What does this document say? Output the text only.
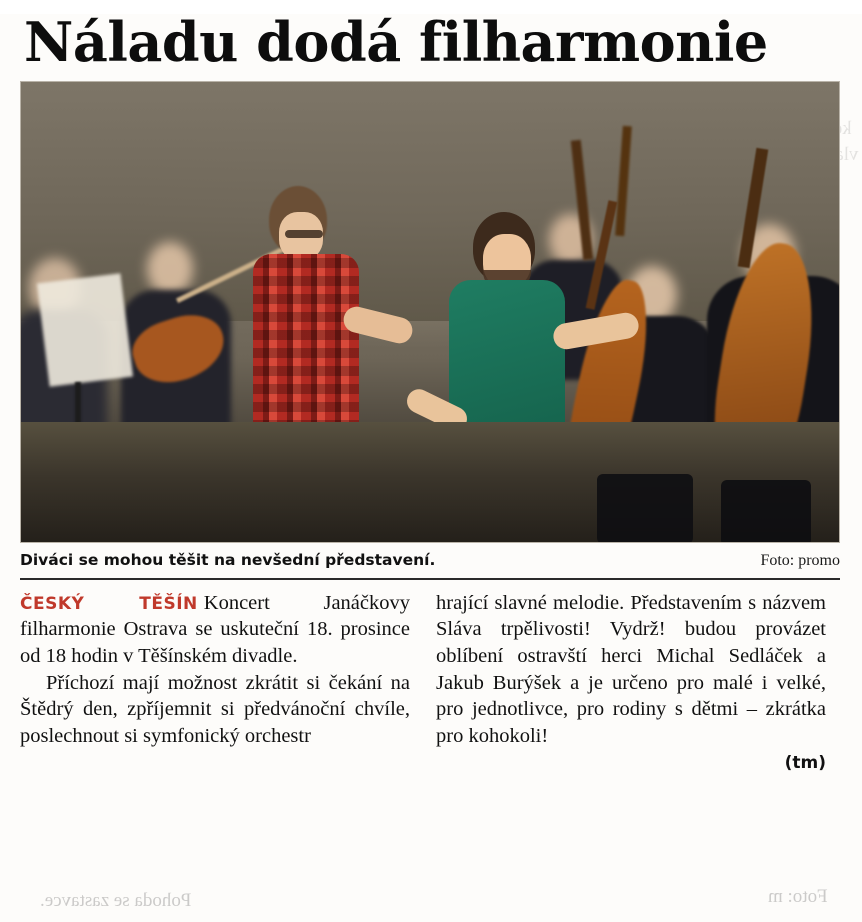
ke
Náladu dodá filharmonie
Diváci se mohou těšit na nevšední představení.	Foto: promo

ČESKÝ TĚŠÍN Koncert Janáčkovy filharmonie Ostrava se uskuteční 18. prosince od 18 hodin v Těšínském divadle.

Příchozí mají možnost zkrátit si čekání na Štědrý den, zpříjemnit si předvánoční chvíle, poslechnout si symfonický orchestr

hrající slavné melodie. Představením s názvem Sláva trpělivosti! Vydrž! budou provázet oblíbení ostravští herci Michal Sedláček a Jakub Burýšek a je určeno pro malé i velké, pro jednotlivce, pro rodiny s dětmi – zkrátka pro kohokoli!

(tm)
Pohoda se zastavce.	Foto: m
